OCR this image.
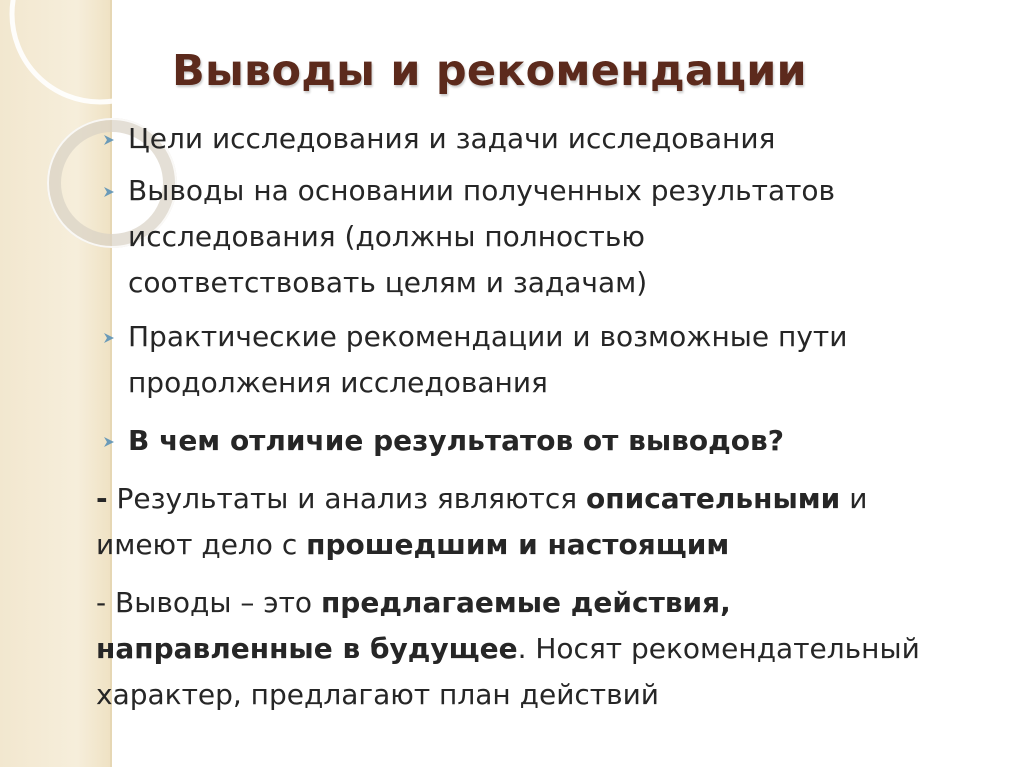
Выводы и рекомендации
Цели исследования и задачи исследования
Выводы на основании полученных результатов
исследования (должны полностью
соответствовать целям и задачам)
Практические рекомендации и возможные пути
продолжения исследования
В чем отличие результатов от выводов?
- Результаты и анализ являются описательными и
имеют дело с прошедшим и настоящим
- Выводы – это предлагаемые действия,
направленные в будущее. Носят рекомендательный
характер, предлагают план действий
